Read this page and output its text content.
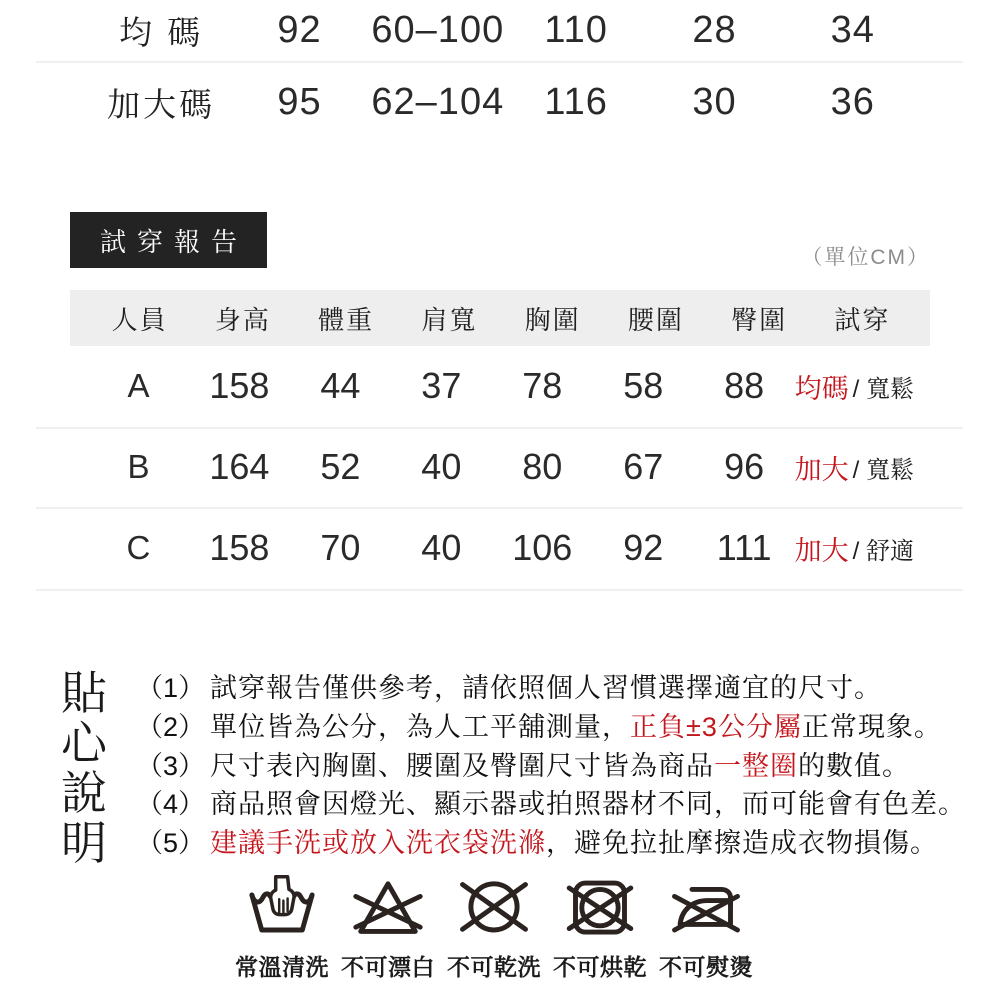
均 碼	92	60–100	110	28	34
加大碼	95	62–104	116	30	36
試穿報告
（單位CM）
人員	身高	體重	肩寬	胸圍	腰圍	臀圍	試穿
A	158	44	37	78	58	88	均碼 / 寬鬆
B	164	52	40	80	67	96	加大 / 寬鬆
C	158	70	40	106	92	111 加大 / 舒適
貼
心
說
明
（1） 試穿報告僅供參考，請依照個人習慣選擇適宜的尺寸。
（2） 單位皆為公分，為人工平舖測量， 正負±3公分屬 正常現象。
（3） 尺寸表內胸圍、腰圍及臀圍尺寸皆為商品 一整圈 的數值。
（4） 商品照會因燈光、顯示器或拍照器材不同，而可能會有色差。
（5） 建議手洗或放入洗衣袋洗滌 ，避免拉扯摩擦造成衣物損傷。
常溫清洗 不可漂白 不可乾洗 不可烘乾 不可熨燙
